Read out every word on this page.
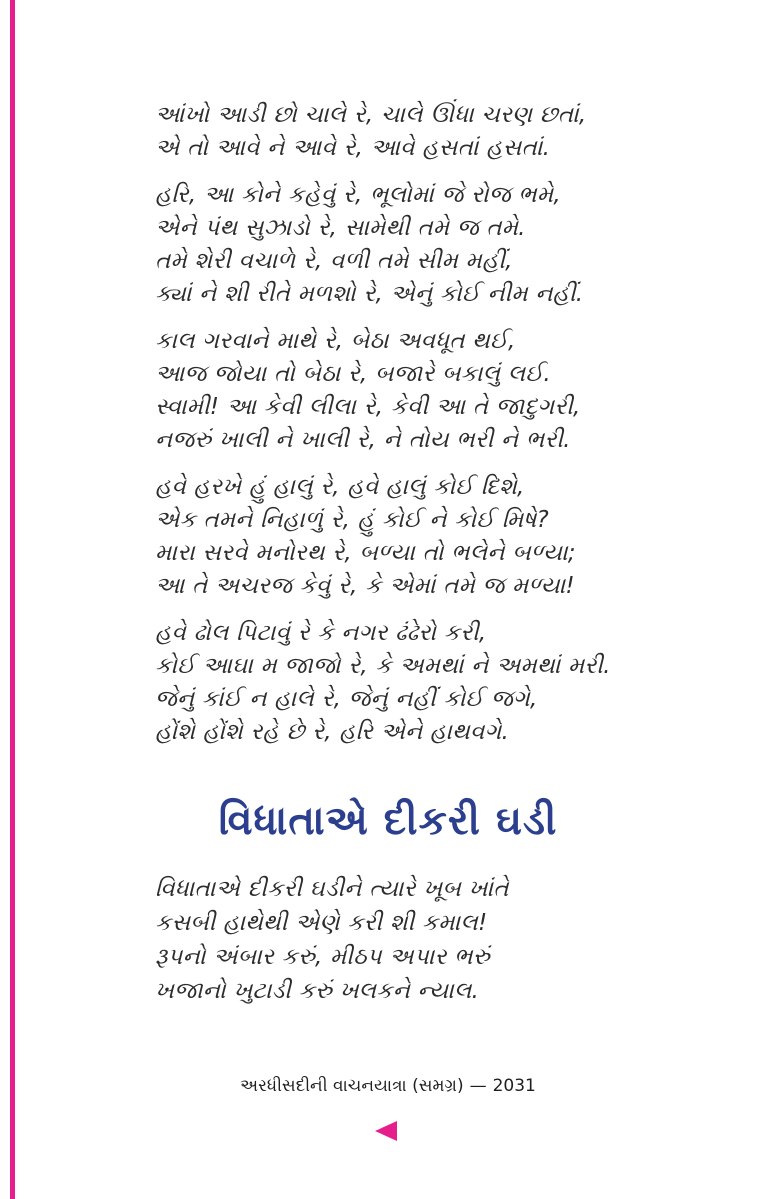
આંખો આડી છો ચાલે રે, ચાલે ઊંધા ચરણ છતાં,
એ તો આવે ને આવે રે, આવે હસતાં હસતાં.
હરિ, આ કોને કહેવું રે, ભૂલોમાં જે રોજ ભમે,
એને પંથ સુઝાડો રે, સામેથી તમે જ તમે.
તમે શેરી વચાળે રે, વળી તમે સીમ મહીં,
ક્યાં ને શી રીતે મળશો રે, એનું કોઈ નીમ નહીં.
કાલ ગરવાને માથે રે, બેઠા અવધૂત થઈ,
આજ જોયા તો બેઠા રે, બજારે બકાલું લઈ.
સ્વામી! આ કેવી લીલા રે, કેવી આ તે જાદુગરી,
નજરું ખાલી ને ખાલી રે, ને તોય ભરી ને ભરી.
હવે હરખે હું હાલું રે, હવે હાલું કોઈ દિશે,
એક તમને નિહાળું રે, હું કોઈ ને કોઈ મિષે?
મારા સરવે મનોરથ રે, બળ્યા તો ભલેને બળ્યા;
આ તે અચરજ કેવું રે, કે એમાં તમે જ મળ્યા!
હવે ઢોલ પિટાવું રે કે નગર ઢંઢેરો કરી,
કોઈ આઘા મ જાજો રે, કે અમથાં ને અમથાં મરી.
જેનું કાંઈ ન હાલે રે, જેનું નહીં કોઈ જગે,
હોંશે હોંશે રહે છે રે, હરિ એને હાથવગે.
વિધાતાએ દીકરી ઘડી
વિધાતાએ દીકરી ઘડીને ત્યારે ખૂબ ખાંતે
કસબી હાથેથી એણે કરી શી કમાલ!
રૂપનો અંબાર કરું, મીઠપ અપાર ભરું
ખજાનો ખુટાડી કરું ખલકને ન્યાલ.
અરધીસદીની વાચનયાત્રા (સમગ્ર) — 2031
